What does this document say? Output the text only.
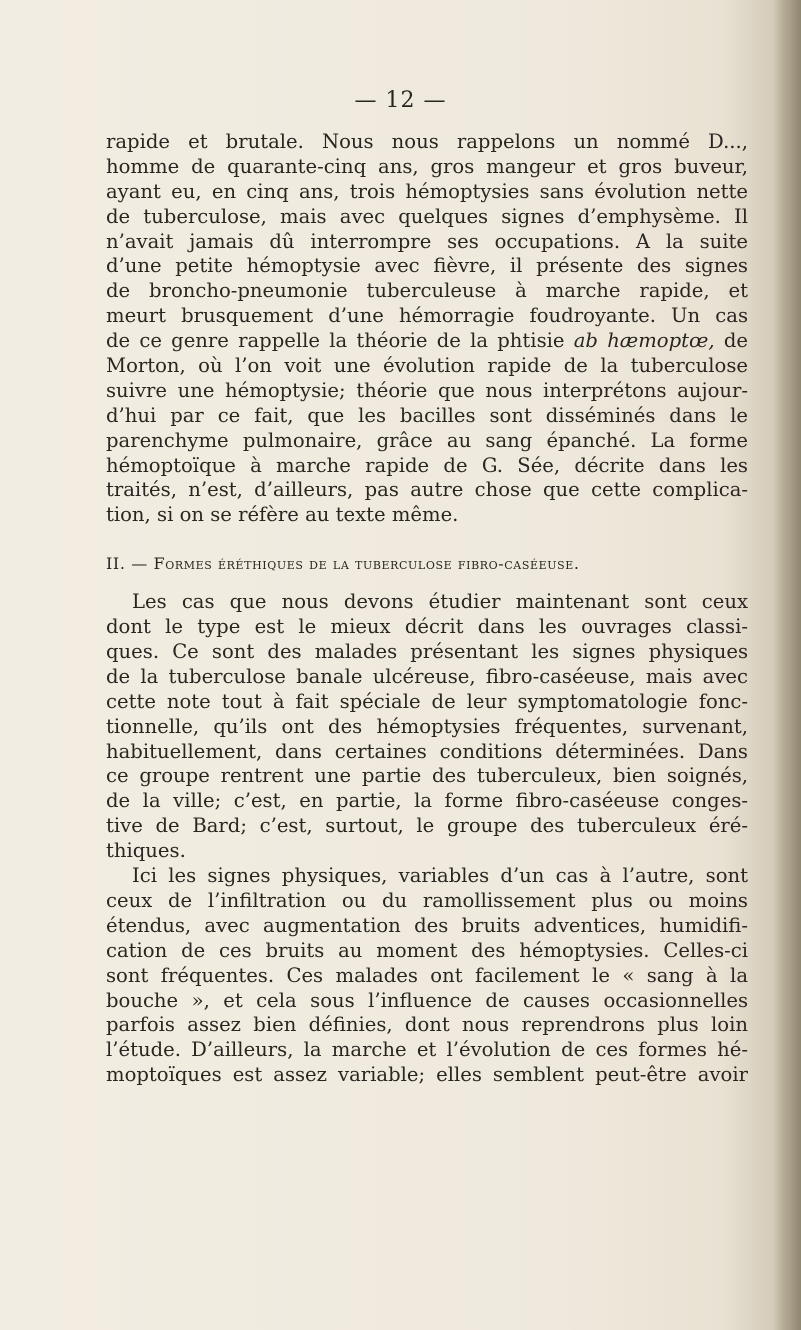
— 12 —
rapide et brutale. Nous nous rappelons un nommé D...,
homme de quarante-cinq ans, gros mangeur et gros buveur,
ayant eu, en cinq ans, trois hémoptysies sans évolution nette
de tuberculose, mais avec quelques signes d’emphysème. Il
n’avait jamais dû interrompre ses occupations. A la suite
d’une petite hémoptysie avec fièvre, il présente des signes
de broncho-pneumonie tuberculeuse à marche rapide, et
meurt brusquement d’une hémorragie foudroyante. Un cas
de ce genre rappelle la théorie de la phtisie ab hæmoptœ, de
Morton, où l’on voit une évolution rapide de la tuberculose
suivre une hémoptysie; théorie que nous interprétons aujour-
d’hui par ce fait, que les bacilles sont disséminés dans le
parenchyme pulmonaire, grâce au sang épanché. La forme
hémoptoïque à marche rapide de G. Sée, décrite dans les
traités, n’est, d’ailleurs, pas autre chose que cette complica-
tion, si on se réfère au texte même.
II. — Formes éréthiques de la tuberculose fibro-caséeuse.
Les cas que nous devons étudier maintenant sont ceux
dont le type est le mieux décrit dans les ouvrages classi-
ques. Ce sont des malades présentant les signes physiques
de la tuberculose banale ulcéreuse, fibro-caséeuse, mais avec
cette note tout à fait spéciale de leur symptomatologie fonc-
tionnelle, qu’ils ont des hémoptysies fréquentes, survenant,
habituellement, dans certaines conditions déterminées. Dans
ce groupe rentrent une partie des tuberculeux, bien soignés,
de la ville; c’est, en partie, la forme fibro-caséeuse conges-
tive de Bard; c’est, surtout, le groupe des tuberculeux éré-
thiques.
Ici les signes physiques, variables d’un cas à l’autre, sont
ceux de l’infiltration ou du ramollissement plus ou moins
étendus, avec augmentation des bruits adventices, humidifi-
cation de ces bruits au moment des hémoptysies. Celles-ci
sont fréquentes. Ces malades ont facilement le « sang à la
bouche », et cela sous l’influence de causes occasionnelles
parfois assez bien définies, dont nous reprendrons plus loin
l’étude. D’ailleurs, la marche et l’évolution de ces formes hé-
moptoïques est assez variable; elles semblent peut-être avoir
